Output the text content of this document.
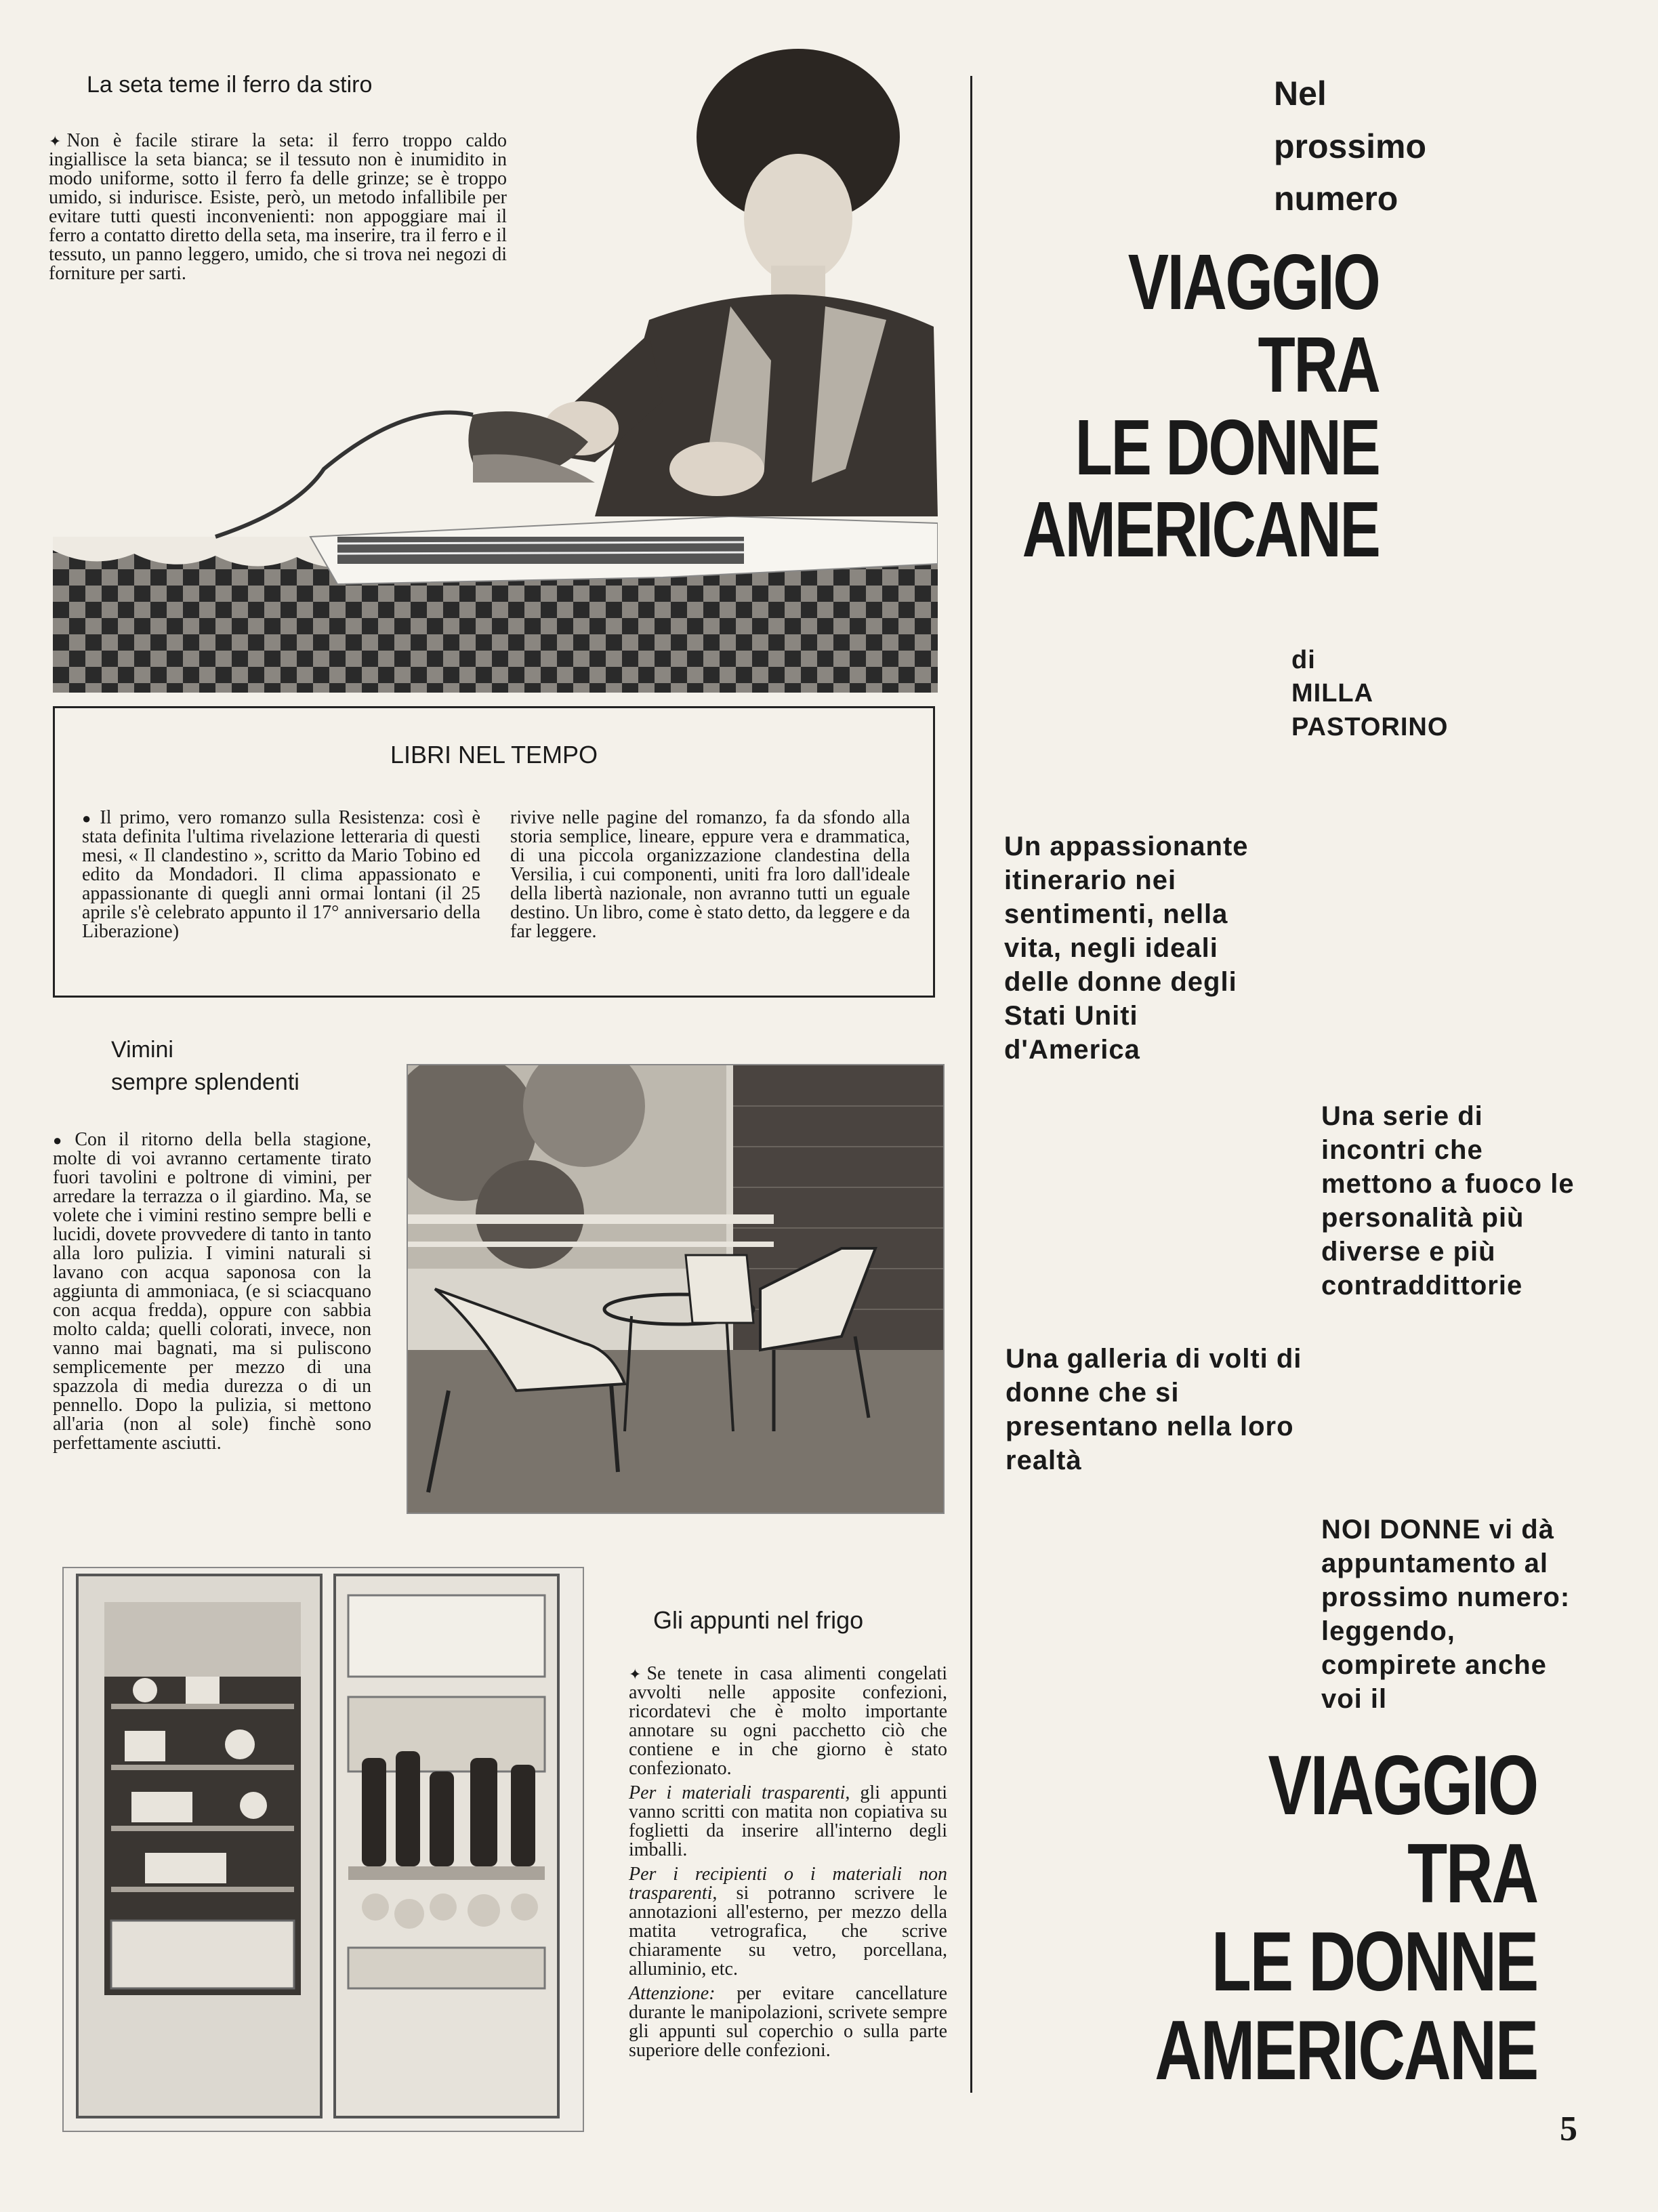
La seta teme il ferro da stiro
✦ Non è facile stirare la seta: il ferro troppo caldo ingiallisce la seta bianca; se il tessuto non è inumidito in modo uniforme, sotto il ferro fa delle grinze; se è troppo umido, si indurisce. Esiste, però, un metodo infallibile per evitare tutti questi inconvenienti: non appoggiare mai il ferro a contatto diretto della seta, ma inserire, tra il ferro e il tessuto, un panno leggero, umido, che si trova nei negozi di forniture per sarti.
LIBRI NEL TEMPO
● Il primo, vero romanzo sulla Resistenza: così è stata definita l'ultima rivelazione letteraria di questi mesi, « Il clandestino », scritto da Mario Tobino ed edito da Mondadori. Il clima appassionato e appassionante di quegli anni ormai lontani (il 25 aprile s'è celebrato appunto il 17° anniversario della Liberazione)
rivive nelle pagine del romanzo, fa da sfondo alla storia semplice, lineare, eppure vera e drammatica, di una piccola organizzazione clandestina della Versilia, i cui componenti, uniti fra loro dall'ideale della libertà nazionale, non avranno tutti un eguale destino. Un libro, come è stato detto, da leggere e da far leggere.
Vimini
sempre splendenti
● Con il ritorno della bella stagione, molte di voi avranno certamente tirato fuori tavolini e poltrone di vimini, per arredare la terrazza o il giardino. Ma, se volete che i vimini restino sempre belli e lucidi, dovete provvedere di tanto in tanto alla loro pulizia. I vimini naturali si lavano con acqua saponosa con la aggiunta di ammoniaca, (e si sciacquano con acqua fredda), oppure con sabbia molto calda; quelli colorati, invece, non vanno mai bagnati, ma si puliscono semplicemente per mezzo di una spazzola di media durezza o di un pennello. Dopo la pulizia, si mettono all'aria (non al sole) finchè sono perfettamente asciutti.
Gli appunti nel frigo

✦ Se tenete in casa alimenti congelati avvolti nelle apposite confezioni, ricordatevi che è molto importante annotare su ogni pacchetto ciò che contiene e in che giorno è stato confezionato.

Per i materiali trasparenti, gli appunti vanno scritti con matita non copiativa su foglietti da inserire all'interno degli imballi.

Per i recipienti o i materiali non trasparenti, si potranno scrivere le annotazioni all'esterno, per mezzo della matita vetrografica, che scrive chiaramente su vetro, porcellana, alluminio, etc.

Attenzione: per evitare cancellature durante le manipolazioni, scrivete sempre gli appunti sul coperchio o sulla parte superiore delle confezioni.

Nel
prossimo
numero
VIAGGIO
TRA
LE DONNE
AMERICANE
di
MILLA
PASTORINO
Un appassionante itinerario nei sentimenti, nella vita, negli ideali delle donne degli Stati Uniti d'America
Una serie di incontri che mettono a fuoco le personalità più diverse e più contraddittorie
Una galleria di volti di donne che si presentano nella loro realtà
NOI DONNE vi dà appuntamento al prossimo numero: leggendo, compirete anche voi il
VIAGGIO
TRA
LE DONNE
AMERICANE
5
